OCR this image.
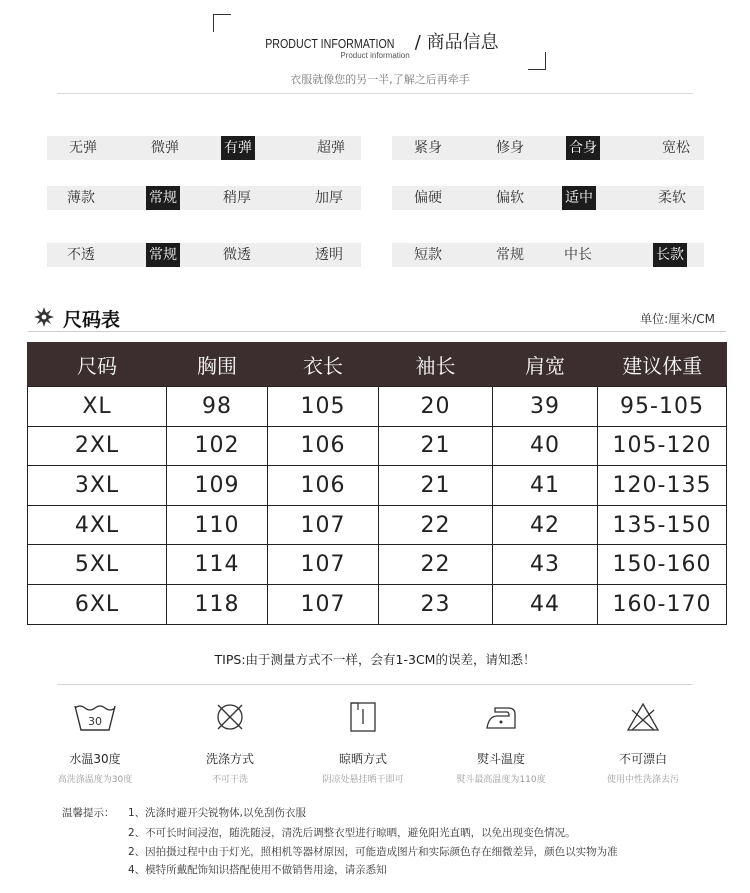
PRODUCT INFORMATION / 商品信息
Product information
衣服就像您的另一半,了解之后再牵手
无弹	微弹	有弹	超弹	紧身	修身	合身	宽松
薄款	常规	稍厚	加厚	偏硬	偏软	适中	柔软
不透	常规	微透	透明	短款	常规	中长	长款
尺码表	单位:厘米/CM
尺码	胸围	衣长	袖长	肩宽	建议体重
XL	98	105	20	39	95-105
2XL	102	106	21	40	105-120
3XL	109	106	21	41	120-135
4XL	110	107	22	42	135-150
5XL	114	107	22	43	150-160
6XL	118	107	23	44	160-170
TIPS:由于测量方式不一样，会有1-3CM的误差，请知悉！
30
水温30度
高洗涤温度为30度
洗涤方式
不可干洗
晾晒方式
阴凉处悬挂晒干即可
熨斗温度
熨斗最高温度为110度
不可漂白
使用中性洗涤去污
温馨提示： 1、洗涤时避开尖锐物体,以免刮伤衣服
2、不可长时间浸泡，随洗随浸，清洗后调整衣型进行晾晒，避免阳光直晒，以免出现变色情况。
2、因拍摄过程中由于灯光，照相机等器材原因，可能造成图片和实际颜色存在细微差异，颜色以实物为准
4、模特所戴配饰知识搭配使用不做销售用途，请亲悉知
